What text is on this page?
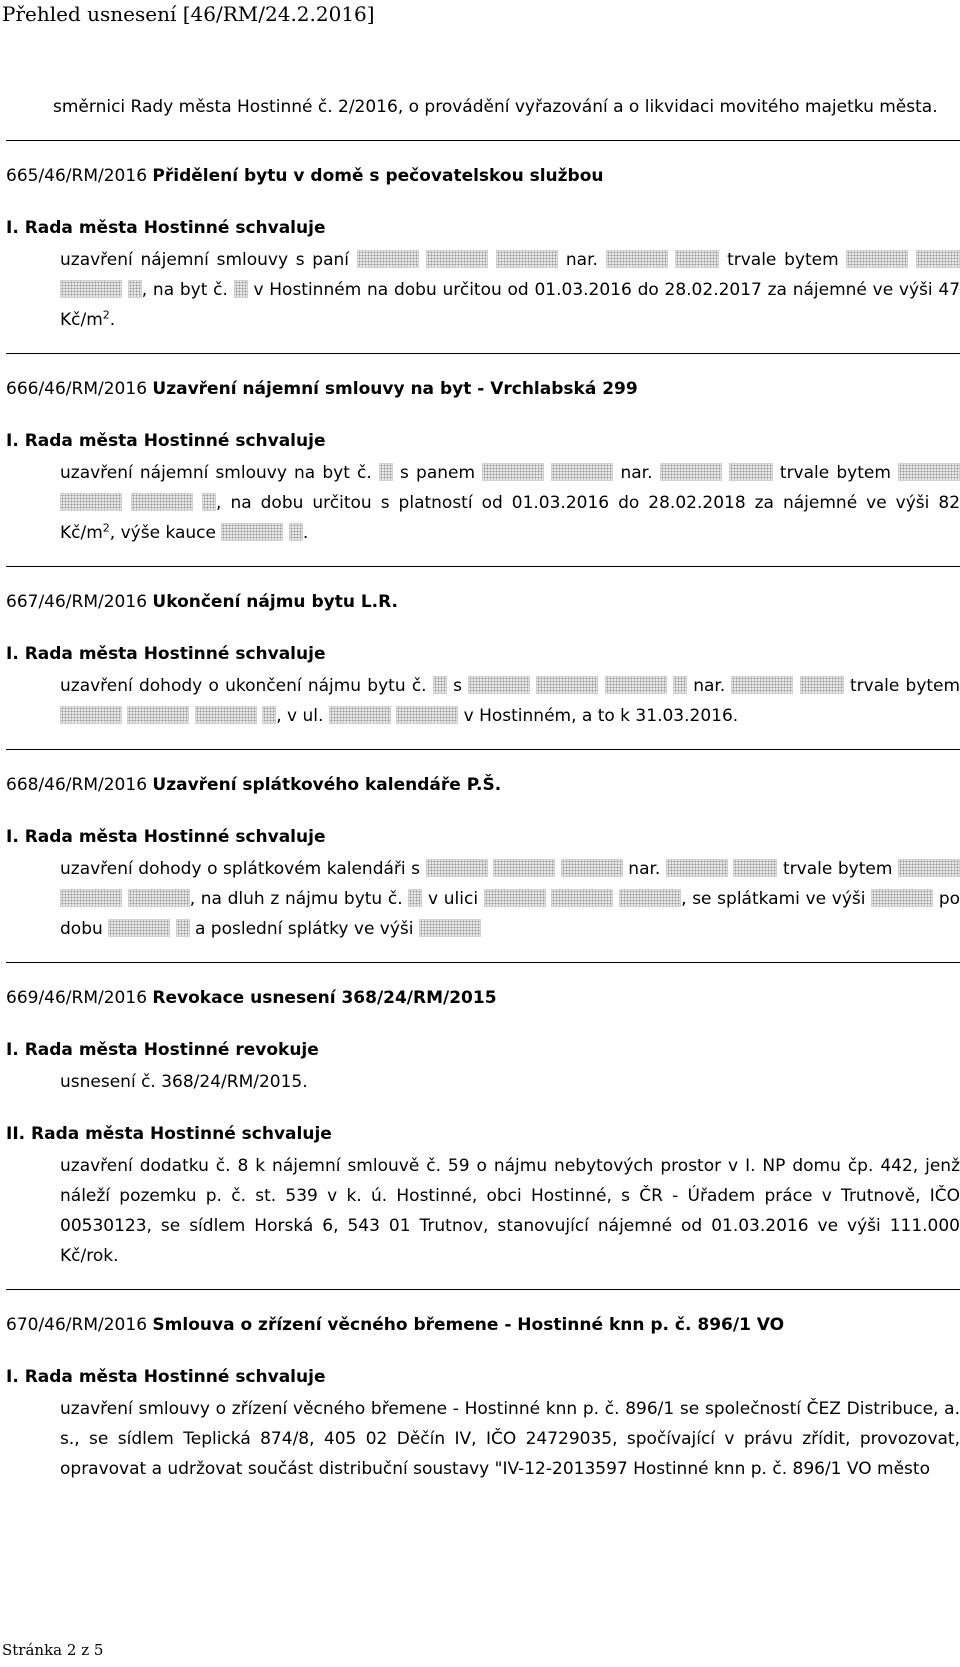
Přehled usnesení [46/RM/24.2.2016]

směrnici Rady města Hostinné č. 2/2016, o provádění vyřazování a o likvidaci movitého majetku města.

665/46/RM/2016 Přidělení bytu v domě s pečovatelskou službou
I. Rada města Hostinné schvaluje

uzavření nájemní smlouvy s paní	nar.	trvale bytem    , na byt č. v Hostinném na dobu určitou od 01.03.2016 do 28.02.2017 za nájemné ve výši 47 $Kč/m^2$.

666/46/RM/2016 Uzavření nájemní smlouvy na byt - Vrchlabská 299
I. Rada města Hostinné schvaluje

uzavření nájemní smlouvy na byt č. s panem	nar.	trvale bytem    , na dobu určitou s platností od 01.03.2016 do 28.02.2018 za nájemné ve výši 82 $Kč/m^2$, výše kauce	.

667/46/RM/2016 Ukončení nájmu bytu L.R.
I. Rada města Hostinné schvaluje

uzavření dohody o ukončení nájmu bytu č. s	nar.	trvale bytem    , v ul.	v Hostinném, a to k 31.03.2016.

668/46/RM/2016 Uzavření splátkového kalendáře P.Š.
I. Rada města Hostinné schvaluje

uzavření dohody o splátkovém kalendáři s	nar.	trvale bytem   , na dluh z nájmu bytu č. v ulici	, se splátkami ve výši	po dobu	a poslední splátky ve výši

669/46/RM/2016 Revokace usnesení 368/24/RM/2015
I. Rada města Hostinné revokuje

usnesení č. 368/24/RM/2015.

II. Rada města Hostinné schvaluje

uzavření dodatku č. 8 k nájemní smlouvě č. 59 o nájmu nebytových prostor v I. NP domu čp. 442, jenž náleží pozemku p. č. st. 539 v k. ú. Hostinné, obci Hostinné, s ČR - Úřadem práce v Trutnově, IČO 00530123, se sídlem Horská 6, 543 01 Trutnov, stanovující nájemné od 01.03.2016 ve výši 111.000 Kč/rok.

670/46/RM/2016 Smlouva o zřízení věcného břemene - Hostinné knn p. č. 896/1 VO
I. Rada města Hostinné schvaluje

uzavření smlouvy o zřízení věcného břemene - Hostinné knn p. č. 896/1 se společností ČEZ Distribuce, a. s., se sídlem Teplická 874/8, 405 02 Děčín IV, IČO 24729035, spočívající v právu zřídit, provozovat, opravovat a udržovat součást distribuční soustavy "IV-12-2013597 Hostinné knn p. č. 896/1 VO město

Stránka 2 z 5
